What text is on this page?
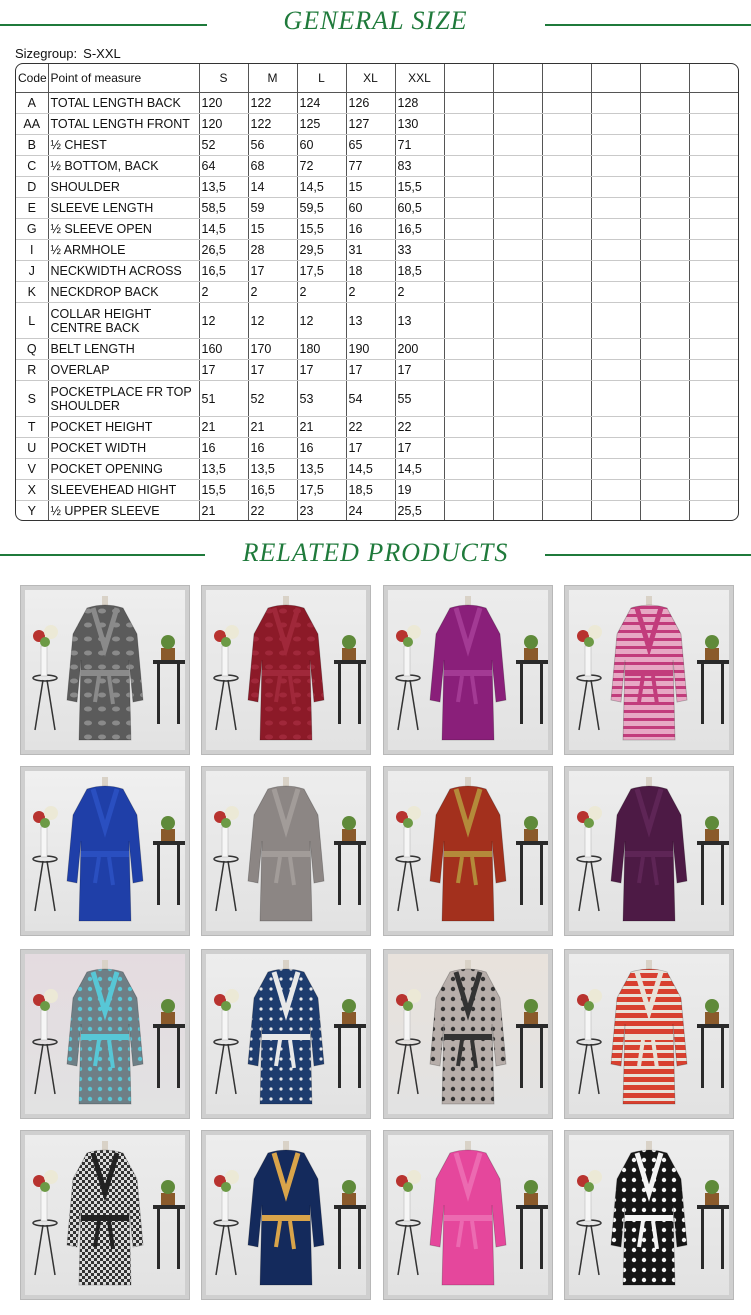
GENERAL SIZE
Sizegroup: S-XXL
Code	Point of measure	S	M	L	XL	XXL						
A	TOTAL LENGTH BACK	120	122	124	126	128						
AA	TOTAL LENGTH FRONT	120	122	125	127	130						
B	½ CHEST	52	56	60	65	71						
C	½ BOTTOM, BACK	64	68	72	77	83						
D	SHOULDER	13,5	14	14,5	15	15,5						
E	SLEEVE LENGTH	58,5	59	59,5	60	60,5						
G	½ SLEEVE OPEN	14,5	15	15,5	16	16,5						
I	½ ARMHOLE	26,5	28	29,5	31	33						
J	NECKWIDTH ACROSS	16,5	17	17,5	18	18,5						
K	NECKDROP BACK	2	2	2	2	2						
L	COLLAR HEIGHT CENTRE BACK	12	12	12	13	13						
Q	BELT LENGTH	160	170	180	190	200						
R	OVERLAP	17	17	17	17	17						
S	POCKETPLACE FR TOP SHOULDER	51	52	53	54	55						
T	POCKET HEIGHT	21	21	21	22	22						
U	POCKET WIDTH	16	16	16	17	17						
V	POCKET OPENING	13,5	13,5	13,5	14,5	14,5						
X	SLEEVEHEAD HIGHT	15,5	16,5	17,5	18,5	19						
Y	½ UPPER SLEEVE	21	22	23	24	25,5						
RELATED PRODUCTS
